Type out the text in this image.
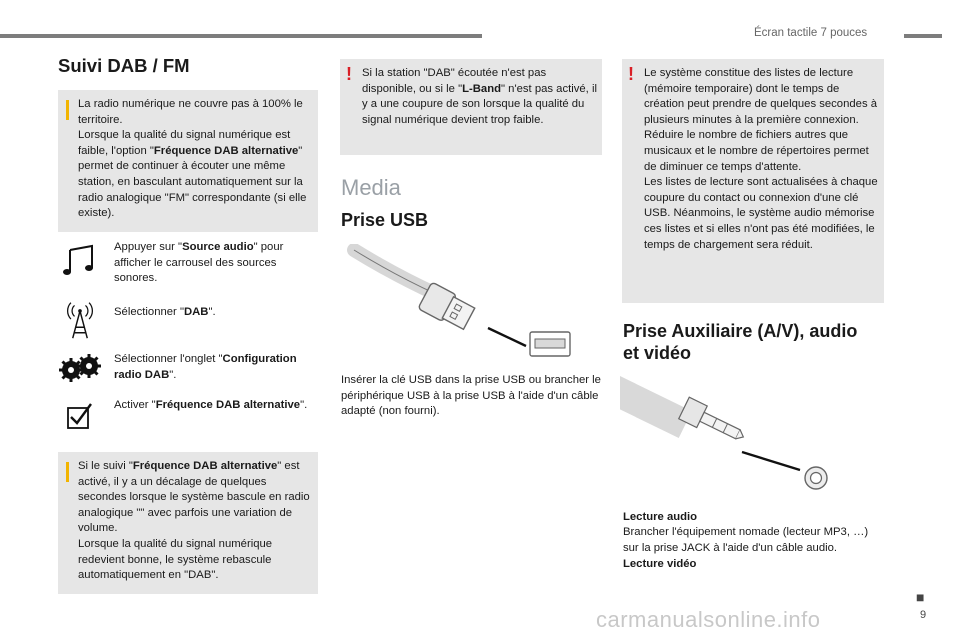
Écran tactile 7 pouces
Suivi DAB / FM

La radio numérique ne couvre pas à 100% le territoire.

Lorsque la qualité du signal numérique est faible, l'option "Fréquence DAB alternative" permet de continuer à écouter une même station, en basculant automatiquement sur la radio analogique "FM" correspondante (si elle existe).

Appuyer sur "Source audio" pour afficher le carrousel des sources sonores.
Sélectionner "DAB".
Sélectionner l'onglet "Configuration radio DAB".
Activer "Fréquence DAB alternative".

Si le suivi "Fréquence DAB alternative" est activé, il y a un décalage de quelques secondes lorsque le système bascule en radio analogique "" avec parfois une variation de volume.

Lorsque la qualité du signal numérique redevient bonne, le système rebascule automatiquement en "DAB".

! Si la station "DAB" écoutée n'est pas disponible, ou si le "L-Band" n'est pas activé, il y a une coupure de son lorsque la qualité du signal numérique devient trop faible.
Media
Prise USB
Insérer la clé USB dans la prise USB ou brancher le périphérique USB à la prise USB à l'aide d'un câble adapté (non fourni).
! Le système constitue des listes de lecture (mémoire temporaire) dont le temps de création peut prendre de quelques secondes à plusieurs minutes à la première connexion.

Réduire le nombre de fichiers autres que musicaux et le nombre de répertoires permet de diminuer ce temps d'attente.

Les listes de lecture sont actualisées à chaque coupure du contact ou connexion d'une clé USB. Néanmoins, le système audio mémorise ces listes et si elles n'ont pas été modifiées, le temps de chargement sera réduit.

Prise Auxiliaire (A/V), audio
et vidéo
Lecture audio
Brancher l'équipement nomade (lecteur MP3, …) sur la prise JACK à l'aide d'un câble audio.
Lecture vidéo
■
9
carmanualsonline.info
